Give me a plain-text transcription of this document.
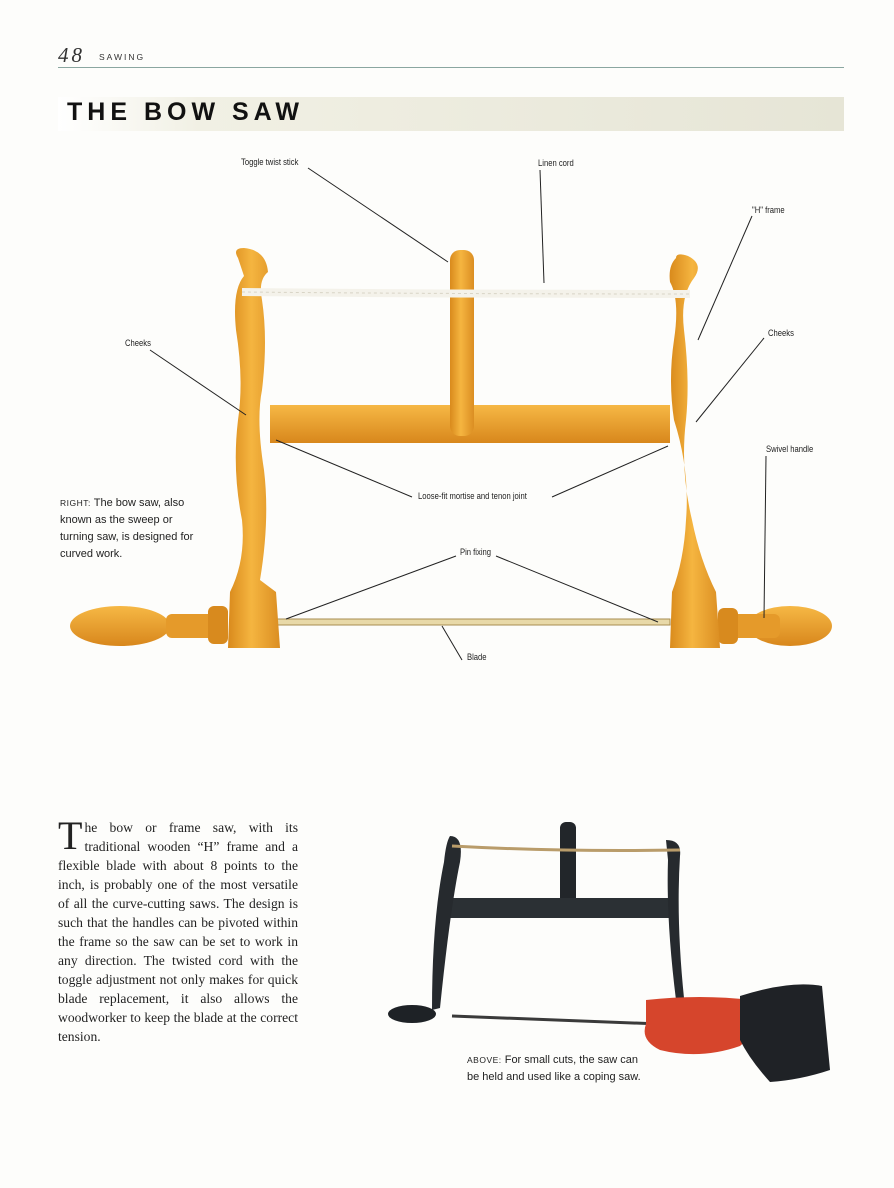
48 SAWING
THE BOW SAW
Toggle twist stick	Linen cord
"H" frame
Cheeks
Cheeks
Swivel handle
Loose-fit mortise and tenon joint
Pin fixing
Blade
RIGHT: The bow saw, also known as the sweep or turning saw, is designed for curved work.
ABOVE: For small cuts, the saw can be held and used like a coping saw.
The bow or frame saw, with its traditional wooden “H” frame and a flexible blade with about 8 points to the inch, is probably one of the most versatile of all the curve-cutting saws. The design is such that the handles can be pivoted within the frame so the saw can be set to work in any direction. The twisted cord with the toggle adjustment not only makes for quick blade replacement, it also allows the woodworker to keep the blade at the correct tension.
